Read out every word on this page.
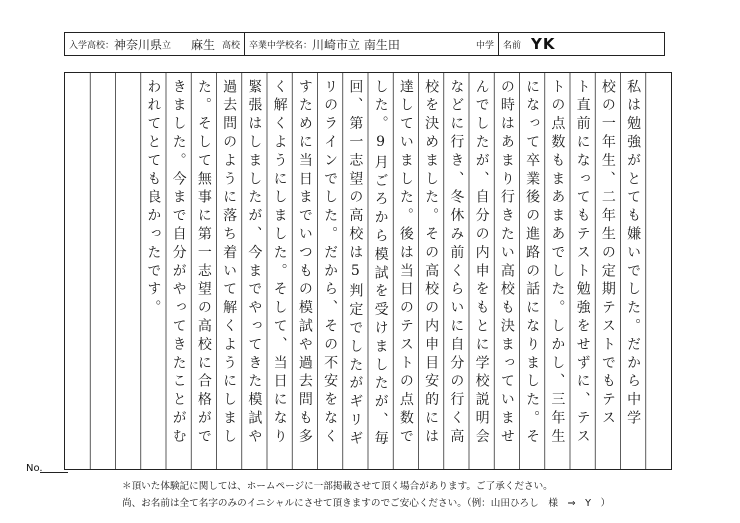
入学高校： 神奈川県 立 麻生 高校 卒業中学校名： 川崎市立 南生田	中学 名前 YK
私は勉強がとても嫌いでした。だから中学
校の一年生、二年生の定期テストでもテス
ト直前になってもテスト勉強をせずに、テス
トの点数もまあまあでした。しかし、三年生
になって卒業後の進路の話になりました。そ
の時はあまり行きたい高校も決まっていませ
んでしたが、自分の内申をもとに学校説明会
などに行き、冬休み前くらいに自分の行く高
校を決めました。その高校の内申目安的には
達していました。後は当日のテストの点数で
した。9月ごろから模試を受けましたが、毎
回、第一志望の高校は5判定でしたがギリギ
リのラインでした。だから、その不安をなく
すために当日までいつもの模試や過去問も多
く解くようにしました。そして、当日になり
緊張はしましたが、今までやってきた模試や
過去問のように落ち着いて解くようにしまし
た。そして無事に第一志望の高校に合格がで
きました。今まで自分がやってきたことがむ
われてとても良かったです。
No.
＊頂いた体験記に関しては、ホームページに一部掲載させて頂く場合があります。ご了承ください。
尚、お名前は全て名字のみのイニシャルにさせて頂きますのでご安心ください。（例：山田ひろし　様　⇒　Y　）
